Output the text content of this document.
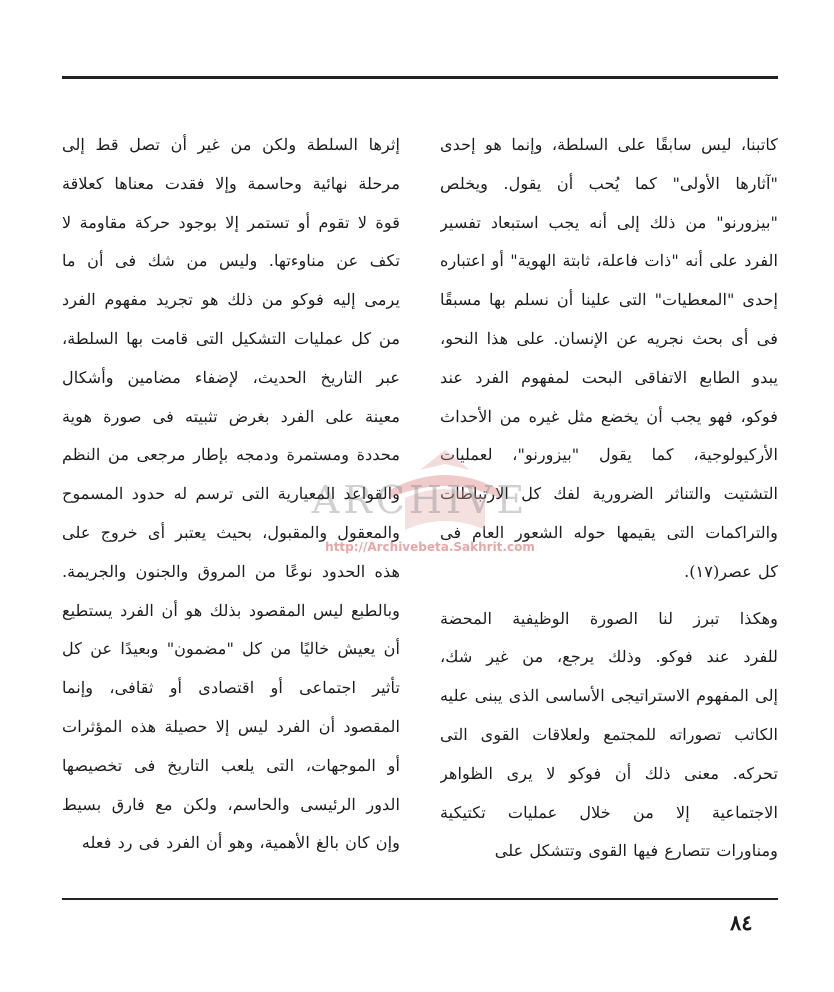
كاتبنا، ليس سابقًا على السلطة، وإنما هو إحدى
"آثارها الأولى" كما يُحب أن يقول. ويخلص
"بيزورنو" من ذلك إلى أنه يجب استبعاد تفسير
الفرد على أنه "ذات فاعلة، ثابتة الهوية" أو اعتباره
إحدى "المعطيات" التى علينا أن نسلم بها مسبقًا
فى أى بحث نجريه عن الإنسان. على هذا النحو،
يبدو الطابع الاتفاقى البحت لمفهوم الفرد عند
فوكو، فهو يجب أن يخضع مثل غيره من الأحداث
الأركيولوجية، كما يقول "بيزورنو"، لعمليات
التشتيت والتناثر الضرورية لفك كل الارتباطات
والتراكمات التى يقيمها حوله الشعور العام فى
كل عصر(١٧).
وهكذا تبرز لنا الصورة الوظيفية المحضة
للفرد عند فوكو. وذلك يرجع، من غير شك،
إلى المفهوم الاستراتيجى الأساسى الذى يبنى عليه
الكاتب تصوراته للمجتمع ولعلاقات القوى التى
تحركه. معنى ذلك أن فوكو لا يرى الظواهر
الاجتماعية إلا من خلال عمليات تكتيكية
ومناورات تتصارع فيها القوى وتتشكل على
إثرها السلطة ولكن من غير أن تصل قط إلى
مرحلة نهائية وحاسمة وإلا فقدت معناها كعلاقة
قوة لا تقوم أو تستمر إلا بوجود حركة مقاومة لا
تكف عن مناوءتها. وليس من شك فى أن ما
يرمى إليه فوكو من ذلك هو تجريد مفهوم الفرد
من كل عمليات التشكيل التى قامت بها السلطة،
عبر التاريخ الحديث، لإضفاء مضامين وأشكال
معينة على الفرد بغرض تثبيته فى صورة هوية
محددة ومستمرة ودمجه بإطار مرجعى من النظم
والقواعد المعيارية التى ترسم له حدود المسموح
والمعقول والمقبول، بحيث يعتبر أى خروج على
هذه الحدود نوعًا من المروق والجنون والجريمة.
وبالطبع ليس المقصود بذلك هو أن الفرد يستطيع
أن يعيش خاليًا من كل "مضمون" وبعيدًا عن كل
تأثير اجتماعى أو اقتصادى أو ثقافى، وإنما
المقصود أن الفرد ليس إلا حصيلة هذه المؤثرات
أو الموجهات، التى يلعب التاريخ فى تخصيصها
الدور الرئيسى والحاسم، ولكن مع فارق بسيط
وإن كان بالغ الأهمية، وهو أن الفرد فى رد فعله
ARCHIVE
http://Archivebeta.Sakhrit.com
٨٤
